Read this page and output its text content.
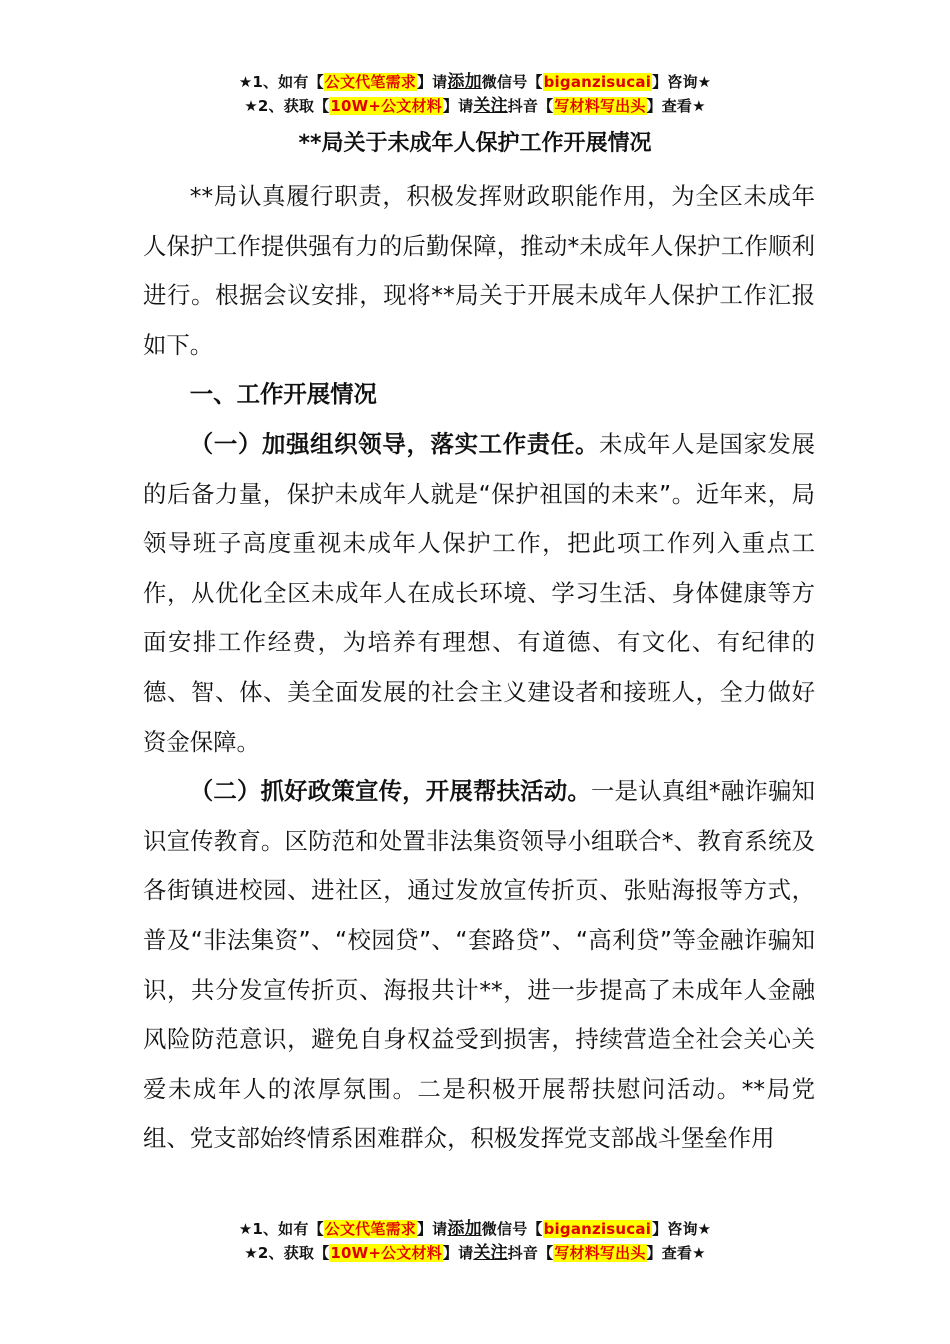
★1、如有【公文代笔需求】请添加微信号【biganzisucai】咨询★
★2、获取【10W+公文材料】请关注抖音【写材料写出头】查看★
**局关于未成年人保护工作开展情况

**局认真履行职责，积极发挥财政职能作用，为全区未成年人保护工作提供强有力的后勤保障，推动*未成年人保护工作顺利进行。根据会议安排，现将**局关于开展未成年人保护工作汇报如下。

一、工作开展情况

（一）加强组织领导，落实工作责任。未成年人是国家发展的后备力量，保护未成年人就是“保护祖国的未来”。近年来，局领导班子高度重视未成年人保护工作，把此项工作列入重点工作，从优化全区未成年人在成长环境、学习生活、身体健康等方面安排工作经费，为培养有理想、有道德、有文化、有纪律的德、智、体、美全面发展的社会主义建设者和接班人，全力做好资金保障。

（二）抓好政策宣传，开展帮扶活动。一是认真组*融诈骗知识宣传教育。区防范和处置非法集资领导小组联合*、教育系统及各街镇进校园、进社区，通过发放宣传折页、张贴海报等方式，普及“非法集资”、“校园贷”、“套路贷”、“高利贷”等金融诈骗知识，共分发宣传折页、海报共计**，进一步提高了未成年人金融风险防范意识，避免自身权益受到损害，持续营造全社会关心关爱未成年人的浓厚氛围。二是积极开展帮扶慰问活动。**局党组、党支部始终情系困难群众，积极发挥党支部战斗堡垒作用

★1、如有【公文代笔需求】请添加微信号【biganzisucai】咨询★
★2、获取【10W+公文材料】请关注抖音【写材料写出头】查看★
